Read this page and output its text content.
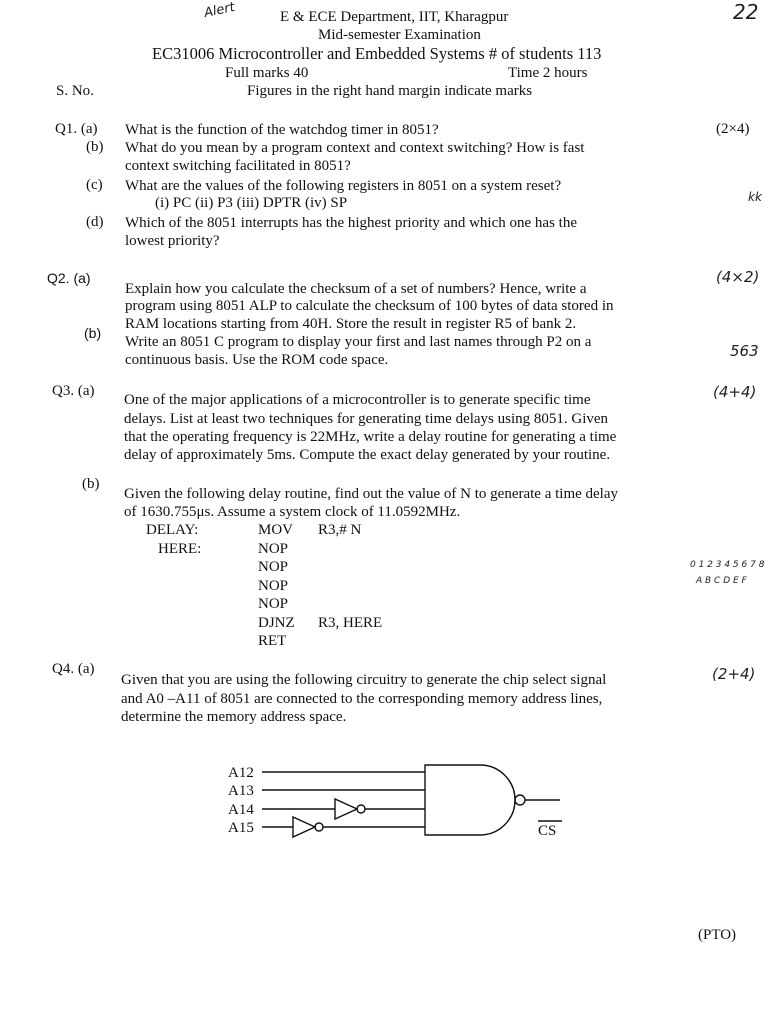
Alert	22
kk
563
0 1 2 3 4 5 6 7 8
A B C D E F
E & ECE Department, IIT, Kharagpur
Mid-semester Examination
EC31006 Microcontroller and Embedded Systems # of students 113
Full marks 40	Time 2 hours
S. No.	Figures in the right hand margin indicate marks
Q1. (a)	(2×4)
What is the function of the watchdog timer in 8051?
(b) What do you mean by a program context and context switching? How is fast
context switching facilitated in 8051?
(c) What are the values of the following registers in 8051 on a system reset?
(i) PC (ii) P3 (iii) DPTR (iv) SP
(d) Which of the 8051 interrupts has the highest priority and which one has the
lowest priority?
Q2. (a)	(4×2)
Explain how you calculate the checksum of a set of numbers? Hence, write a
program using 8051 ALP to calculate the checksum of 100 bytes of data stored in
RAM locations starting from 40H. Store the result in register R5 of bank 2.
(b)
Write an 8051 C program to display your first and last names through P2 on a
continuous basis. Use the ROM code space.
Q3. (a)	(4+4)
One of the major applications of a microcontroller is to generate specific time
delays. List at least two techniques for generating time delays using 8051. Given
that the operating frequency is 22MHz, write a delay routine for generating a time
delay of approximately 5ms. Compute the exact delay generated by your routine.
(b)
Given the following delay routine, find out the value of N to generate a time delay
of 1630.755μs. Assume a system clock of 11.0592MHz.
DELAY:	MOV	R3,# N
HERE:	NOP
NOP
NOP
NOP
DJNZ	R3, HERE
RET
Q4. (a)	(2+4)
Given that you are using the following circuitry to generate the chip select signal
and A0 –A11 of 8051 are connected to the corresponding memory address lines,
determine the memory address space.
A12
A13
A14
A15	CS
(PTO)
